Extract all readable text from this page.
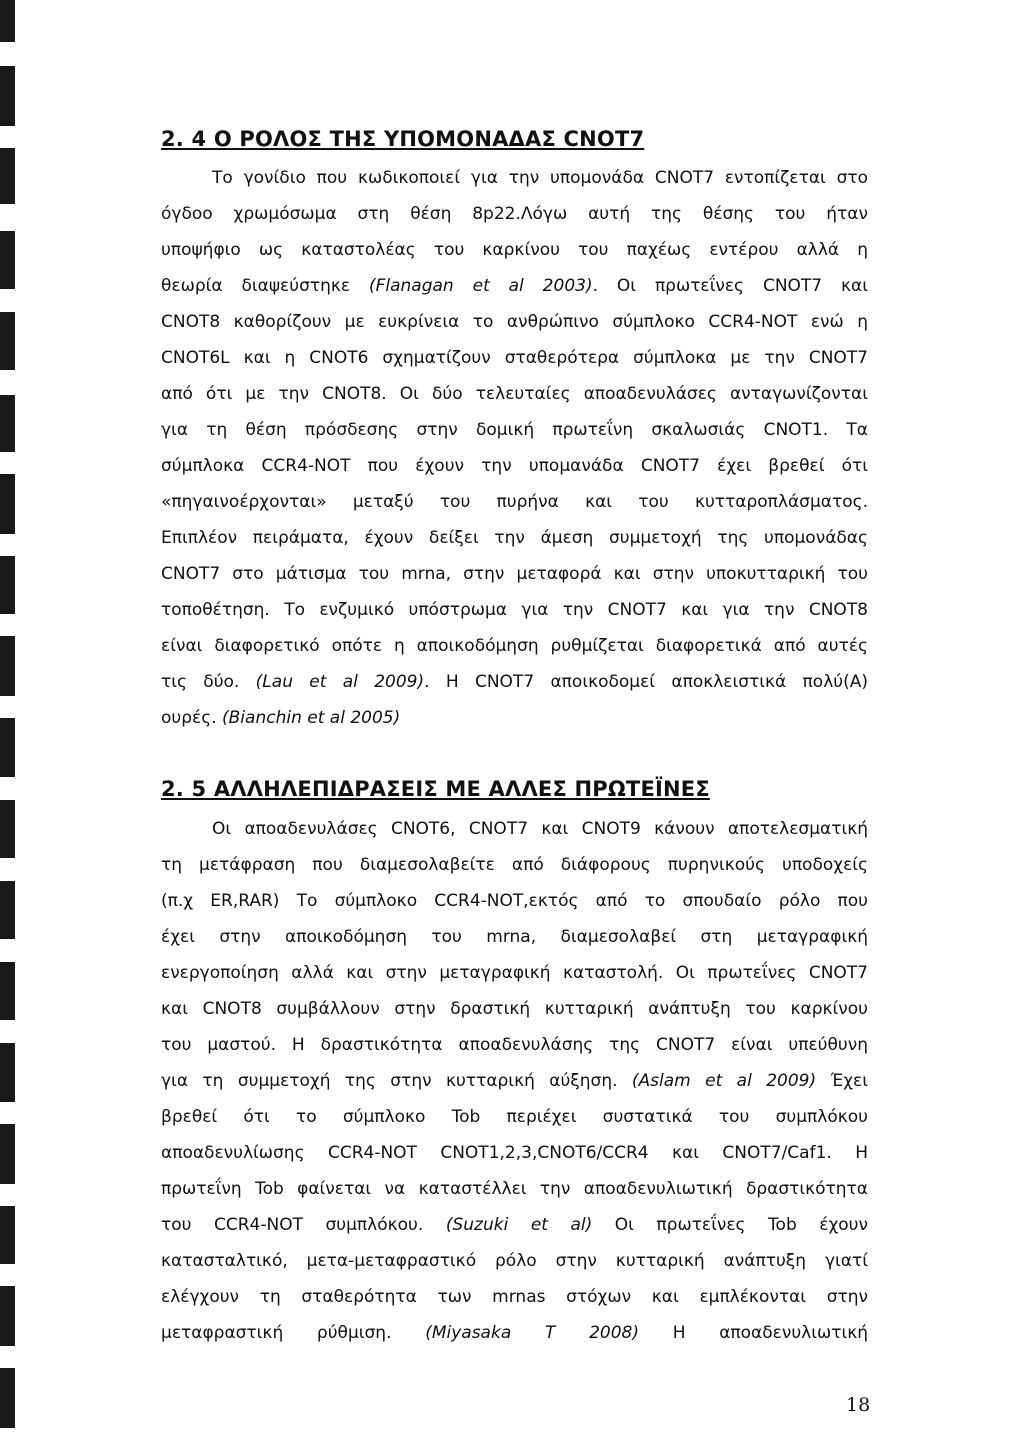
2. 4 Ο ΡΟΛΟΣ ΤΗΣ ΥΠΟΜΟΝΑΔΑΣ CNOT7

Το γονίδιο που κωδικοποιεί για την υπομονάδα CNOT7 εντοπίζεται στο

όγδοο χρωμόσωμα στη θέση 8p22.Λόγω αυτή της θέσης του ήταν

υποψήφιο ως καταστολέας του καρκίνου του παχέως εντέρου αλλά η

θεωρία διαψεύστηκε (Flanagan et al 2003). Οι πρωτεΐνες CNOT7 και

CNOT8 καθορίζουν με ευκρίνεια το ανθρώπινο σύμπλοκο CCR4-NOT ενώ η

CNOT6L και η CNOT6 σχηματίζουν σταθερότερα σύμπλοκα με την CNOT7

από ότι με την CNOT8. Οι δύο τελευταίες αποαδενυλάσες ανταγωνίζονται

για τη θέση πρόσδεσης στην δομική πρωτεΐνη σκαλωσιάς CNOT1. Τα

σύμπλοκα CCR4-NOT που έχουν την υπομανάδα CNOT7 έχει βρεθεί ότι

«πηγαινοέρχονται» μεταξύ του πυρήνα και του κυτταροπλάσματος.

Επιπλέον πειράματα, έχουν δείξει την άμεση συμμετοχή της υπομονάδας

CNOT7 στο μάτισμα του mrna, στην μεταφορά και στην υποκυτταρική του

τοποθέτηση. Το ενζυμικό υπόστρωμα για την CNOT7 και για την CNOT8

είναι διαφορετικό οπότε η αποικοδόμηση ρυθμίζεται διαφορετικά από αυτές

τις δύο. (Lau et al 2009). Η CNOT7 αποικοδομεί αποκλειστικά πολύ(Α)

ουρές. (Bianchin et al 2005)

2. 5 ΑΛΛΗΛΕΠΙΔΡΑΣΕΙΣ ΜΕ ΑΛΛΕΣ ΠΡΩΤΕΪΝΕΣ

Οι αποαδενυλάσες CNOT6, CNOT7 και CNOT9 κάνουν αποτελεσματική

τη μετάφραση που διαμεσολαβείτε από διάφορους πυρηνικούς υποδοχείς

(π.χ ER,RAR) Το σύμπλοκο CCR4-NOT,εκτός από το σπουδαίο ρόλο που

έχει στην αποικοδόμηση του mrna, διαμεσολαβεί στη μεταγραφική

ενεργοποίηση αλλά και στην μεταγραφική καταστολή. Οι πρωτεΐνες CNOT7

και CNOT8 συμβάλλουν στην δραστική κυτταρική ανάπτυξη του καρκίνου

του μαστού. Η δραστικότητα αποαδενυλάσης της CNOT7 είναι υπεύθυνη

για τη συμμετοχή της στην κυτταρική αύξηση. (Aslam et al 2009) Έχει

βρεθεί ότι το σύμπλοκο Tob περιέχει συστατικά του συμπλόκου

αποαδενυλίωσης CCR4-NOT CNOT1,2,3,CNOT6/CCR4 και CNOT7/Caf1. Η

πρωτεΐνη Tob φαίνεται να καταστέλλει την αποαδενυλιωτική δραστικότητα

του CCR4-NOT συμπλόκου. (Suzuki et al) Οι πρωτεΐνες Tob έχουν

κατασταλτικό, μετα-μεταφραστικό ρόλο στην κυτταρική ανάπτυξη γιατί

ελέγχουν τη σταθερότητα των mrnas στόχων και εμπλέκονται στην

μεταφραστική ρύθμιση. (Miyasaka T 2008) Η αποαδενυλιωτική

18
